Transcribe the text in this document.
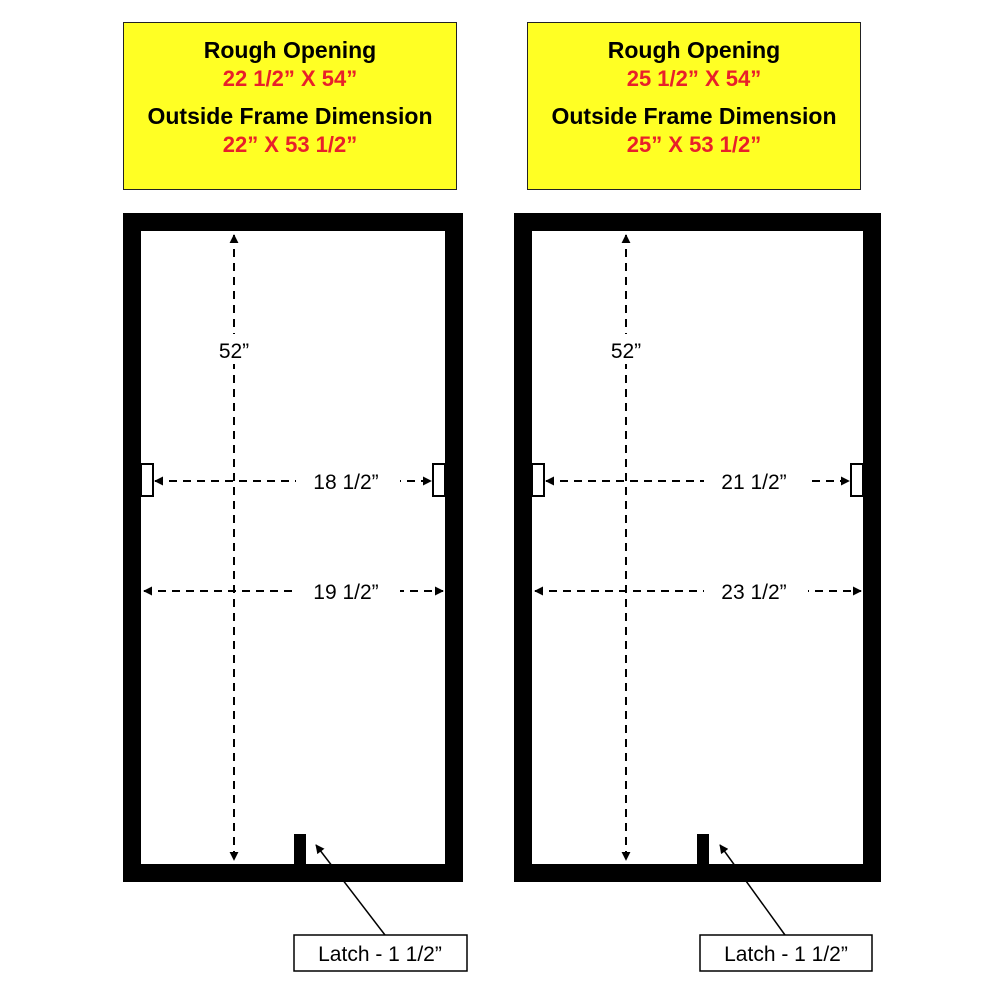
Rough Opening
22 1/2” X 54”
Outside Frame Dimension
22” X 53 1/2”
Rough Opening
25 1/2” X 54”
Outside Frame Dimension
25” X 53 1/2”
52”
18 1/2”
19 1/2”
Latch - 1 1/2”
52”
21 1/2”
23 1/2”
Latch - 1 1/2”
